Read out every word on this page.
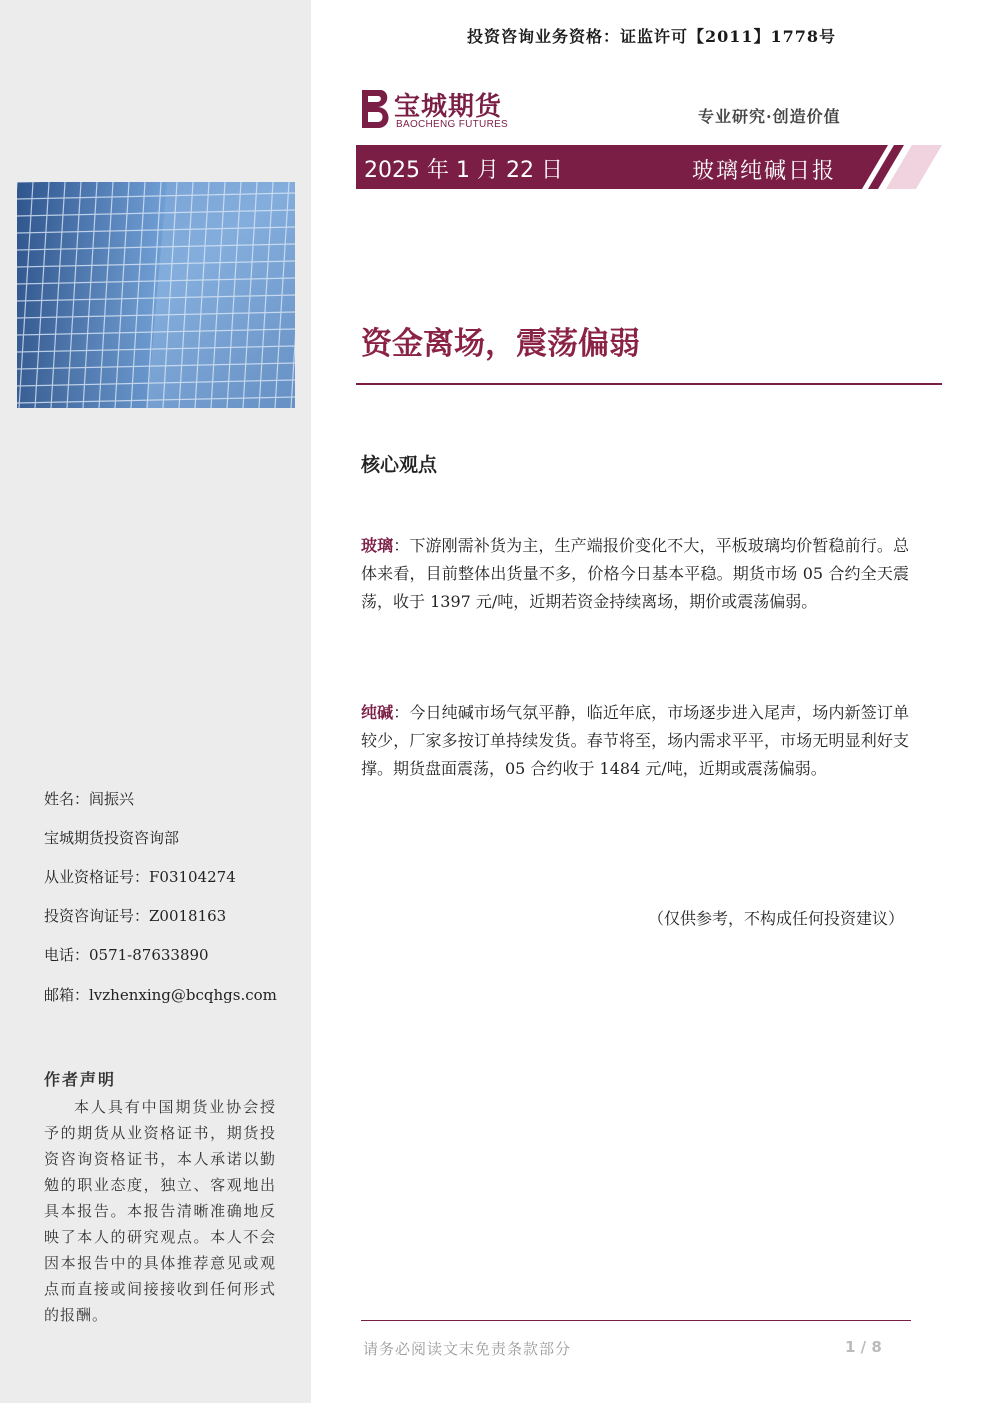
投资咨询业务资格：证监许可【2011】1778号
宝城期货
BAOCHENG FUTURES	专业研究·创造价值
2025 年 1 月 22 日	玻璃纯碱日报
资金离场，震荡偏弱
核心观点
玻璃：下游刚需补货为主，生产端报价变化不大，平板玻璃均价暂稳前行。总体来看，目前整体出货量不多，价格今日基本平稳。期货市场 05 合约全天震荡，收于 1397 元/吨，近期若资金持续离场，期价或震荡偏弱。
纯碱：今日纯碱市场气氛平静，临近年底，市场逐步进入尾声，场内新签订单较少，厂家多按订单持续发货。春节将至，场内需求平平，市场无明显利好支撑。期货盘面震荡，05 合约收于 1484 元/吨，近期或震荡偏弱。
（仅供参考，不构成任何投资建议）
姓名：闾振兴
宝城期货投资咨询部
从业资格证号：F03104274
投资咨询证号：Z0018163
电话：0571-87633890
邮箱：lvzhenxing@bcqhgs.com
作者声明
本人具有中国期货业协会授予的期货从业资格证书，期货投资咨询资格证书，本人承诺以勤勉的职业态度，独立、客观地出具本报告。本报告清晰准确地反映了本人的研究观点。本人不会因本报告中的具体推荐意见或观点而直接或间接接收到任何形式的报酬。
请务必阅读文末免责条款部分	1 / 8
